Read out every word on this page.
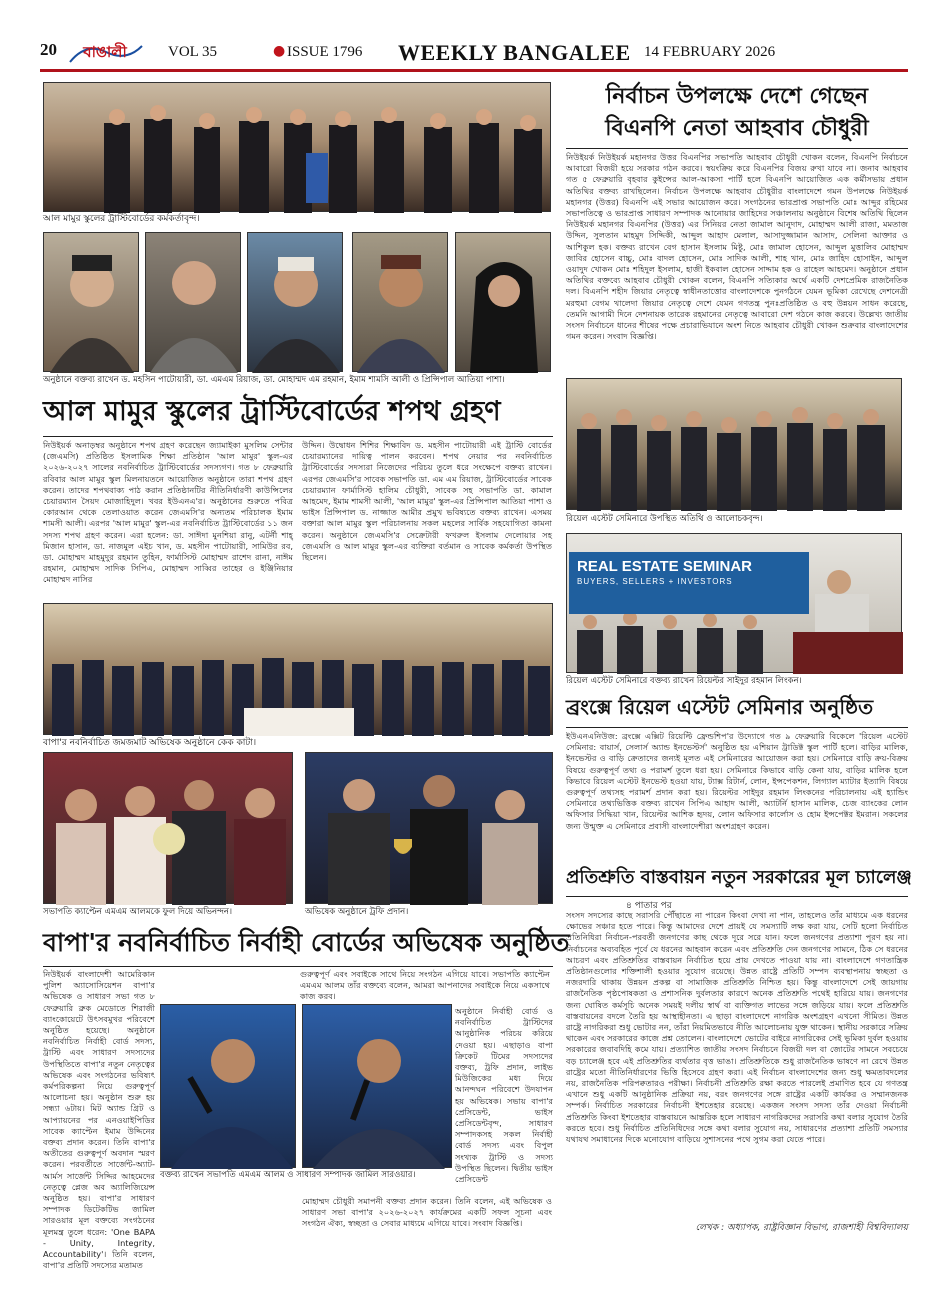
20 বাঙালী	VOL 35	● ISSUE 1796 WEEKLY BANGALEE 14 FEBRUARY 2026
আল মামুর স্কুলের ট্রাস্টিবোর্ডের কর্মকর্তাবৃন্দ।
অনুষ্ঠানে বক্তব্য রাখেন ড. মহসিন পাটোয়ারী, ডা. এমএম রিয়াজ, ডা. মোহাম্মদ এম রহমান, ইমাম শামসি আলী ও প্রিন্সিপাল আতিয়া পাশা।
আল মামুর স্কুলের ট্রাস্টিবোর্ডের শপথ গ্রহণ
নিউইয়র্ক অনাড়ম্বর অনুষ্ঠানে শপথ গ্রহণ করেছেন জ্যামাইকা মুসলিম সেন্টার (জেএমসি) প্রতিষ্ঠিত ইসলামিক শিক্ষা প্রতিষ্ঠান 'আল মামুর' স্কুল-এর ২০২৬-২০২৭ সালের নবনির্বাচিত ট্রাস্টিবোর্ডের সদস্যগণ। গত ৮ ফেব্রুয়ারি রবিবার আল মামুর স্কুল মিলনায়তনে আয়োজিত অনুষ্ঠানে তারা শপথ গ্রহণ করেন। তাদের শপথবাক্য পাঠ করান প্রতিষ্ঠানটির নীতিনির্ধারণী কাউন্সিলের চেয়ারম্যান সৈয়দ মোজাহিদুল। খবর ইউএনএ'র। অনুষ্ঠানের শুরুতে পবিত্র কোরআন থেকে তেলাওয়াত করেন জেএমসি'র অন্যতম পরিচালক ইমাম শামসী আলী। এরপর 'আল মামুর' স্কুল-এর নবনির্বাচিত ট্রাস্টিবোর্ডের ১১ জন সদস্য শপথ গ্রহণ করেন। এরা হলেন: ডা. সাঈদা মুনশিয়া রানু, এটর্নী শাহ্‌ মিজান হাসান, ডা. নাজমুল এইচ খান, ড. মহসীন পাটোয়ারী, সামিউর রব, ডা. মোহাম্মদ মাহমুদুর রহমান তুহিন, ফার্মাসিস্ট মোহাম্মদ রাশেদ রানা, নাঈম রহমান, মোহাম্মদ সাদিক সিপিএ, মোহাম্মদ সাব্বির তাহের ও ইঞ্জিনিয়ার মোহাম্মদ নাসির
উদ্দিন। উদ্বোধন শিশির শিক্ষাবিদ ড. মহসীন পাটোয়ারী এই ট্রাস্টি বোর্ডের চেয়ারম্যানের দায়িত্ব পালন করবেন। শপথ নেয়ার পর নবনির্বাচিত ট্রাস্টিবোর্ডের সদস্যরা নিজেদের পরিচয় তুলে ধরে সংক্ষেপে বক্তব্য রাখেন। এরপর জেএমসি'র সাবেক সভাপতি ডা. এম এম রিয়াজ, ট্রাস্টিবোর্ডের সাবেক চেয়ারম্যান ফার্মাসিস্ট হালিম চৌধুরী, সাবেক সহ সভাপতি ডা. কামাল আহমেদ, ইমাম শামসী আলী, 'আল মামুর' স্কুল-এর প্রিন্সিপাল আতিয়া পাশা ও ভাইস প্রিন্সিপাল ড. নাজ্জাত আমীর প্রমুখ ভবিষ্যতে বক্তব্য রাখেন। এসময় বক্তারা আল মামুর স্কুল পরিচালনায় সকল মহলের সার্বিক সহযোগিতা কামনা করেন। অনুষ্ঠানে জেএমসি'র সেক্রেটারী ফখরুল ইসলাম দেলোয়ার সহ জেএমসি ও আল মামুর স্কুল-এর ব্যক্তিরা বর্তমান ও সাবেক কর্মকর্তা উপস্থিত ছিলেন।
নির্বাচন উপলক্ষে দেশে গেছেন
বিএনপি নেতা আহবাব চৌধুরী
নিউইয়র্ক নিউইয়র্ক মহানগর উত্তর বিএনপির সভাপতি আহবাব চৌধুরী খোকন বলেন, বিএনপি নির্বাচনে আবারো বিজয়ী হয়ে সরকার গঠন করবে। স্বয়ংক্রিয় করে বিএনপির বিজয় রুখা যাবে না। জনাব আহবাব গত ৫ ফেব্রুয়ারি বৃহবার কুইন্সের আল-আকসা পার্টি হলে বিএনপি আয়োজিত এক কর্মীসভায় প্রধান অতিথির বক্তব্য রাখছিলেন। নির্বাচন উপলক্ষে আহবাব চৌধুরীর বাংলাদেশে গমন উপলক্ষে নিউইয়র্ক মহানগর (উত্তর) বিএনপি এই সভার আয়োজন করে। সংগঠনের ভারপ্রাপ্ত সভাপতি মোঃ আব্দুর রহিমের সভাপতিত্বে ও ভারপ্রাপ্ত সাধারণ সম্পাদক আনোয়ার জাহিদের সঞ্চালনায় অনুষ্ঠানে বিশেষ অতিথি ছিলেন নিউইয়র্ক মহানগর বিএনপির (উত্তর) এর সিনিয়র নেতা জামাল আনুদাদ, মোহাম্মদ আলী রাজা, মমতাজ উদ্দিন, সুলতান মাহমুদ সিদ্দিকী, আব্দুল আহাদ মেলাল, আসাদুজ্জামান আসাদ, সেলিনা আক্তার ও আশিকুল হক। বক্তব্য রাখেন বেগ হাসান ইসলাম মিষ্টু, মোঃ জামাল হোসেন, আব্দুল মুত্তালিব মোহাম্মদ জাবির হোসেন বাচ্চু, মোঃ বাদল হোসেন, মোঃ সাদিক আলী, শাহ খান, মোঃ জাহিদ হোসাইন, আব্দুল ওয়াদুদ খোকন মোঃ শহিদুল ইসলাম, হাজী ইকবাল হোসেন সাদ্দাম হক ও রাহেল আহমেদ। অনুষ্ঠানে প্রধান অতিথির বক্তব্যে আহবাব চৌধুরী খোকন বলেন, বিএনপি সত্যিকার অর্থে একটি দেশপ্রেমিক রাজনৈতিক দল। বিএনপি শহীদ জিয়ার নেতৃত্বে স্বাধীনতাত্তোর বাংলাদেশকে পুনর্গঠনে যেমন ভূমিকা রেখেছে দেশনেত্রী মরহুমা বেগম খালেদা জিয়ার নেতৃত্বে দেশে যেমন গণতন্ত্র পুনঃপ্রতিষ্ঠিত ও বহু উন্নয়ন সাধন করেছে, তেমনি আগামী দিনে দেশনায়ক তারেক রহমানের নেতৃত্বে আবারো দেশ গঠনে কাজ করবে। উল্লেখ্য জাতীয় সংসদ নির্বাচনে ধানের শীষের পক্ষে প্রচারাভিযানে অংশ নিতে আহবাব চৌধুরী খোকন শুক্রবার বাংলাদেশের গমন করেন। সংবাদ বিজ্ঞপ্তি।
রিয়েল এস্টেট সেমিনারে উপস্থিত অতিথি ও আলোচকবৃন্দ।
REAL ESTATE SEMINAR
BUYERS, SELLERS + INVESTORS
রিয়েল এস্টেট সেমিনারে বক্তব্য রাখেন রিয়েল্টর সাইদুর রহমান লিংকন।
ব্রংক্সে রিয়েল এস্টেট সেমিনার অনুষ্ঠিত
ইউএনএনিউজ: ব্রংক্সে এক্সিট রিয়েল্টি ফ্রেন্ডশিপ'র উদ্যোগে গত ৯ ফেব্রুয়ারি বিকেলে 'রিয়েল এস্টেট সেমিনার: বায়ার্স, সেলার্স অ্যান্ড ইনভেস্টর্স' অনুষ্ঠিত হয় এশিয়ান ট্রাডিক্ট স্কুল পার্টি হলে। বাড়ির মালিক, ইনভেস্টর ও বাড়ি ক্রেতাদের জন্যই মূলত এই সেমিনারের আয়োজন করা হয়। সেমিনারে বাড়ি ক্রয়-বিক্রয় বিষয়ে গুরুত্বপূর্ণ তথ্য ও পরামর্শ তুলে ধরা হয়। সেমিনারে কিভাবে বাড়ি কেনা যায়, বাড়ির মালিক হলে কিভাবে রিয়েল এস্টেট ইনভেস্ট হওয়া যায়, ট্যাক্স রিটার্ন, লোন, ইন্সপেকশন, লিগ্যাল ম্যাটার ইত্যাদি বিষয়ে গুরুত্বপূর্ণ তথ্যসহ পরামর্শ প্রদান করা হয়। রিয়েল্টর সাইদুর রহমান লিংকনের পরিচালনায় এই হ্যান্ডিং সেমিনারে তথ্যভিত্তিক বক্তব্য রাখেন সিপিএ আহাদ আলী, অ্যাটর্নি হাসান মালিক, চেজ ব্যাংকের লোন অফিসার সিদ্ধিয়া খান, রিয়েল্টর আশিক হৃদয়, লোন অফিসার কার্লোস ও হোম ইন্সপেক্টর ইমরান। সকলের জন্য উন্মুক্ত এ সেমিনারে প্রবাসী বাংলাদেশীরা অংশগ্রহণ করেন।
বাপা'র নবনির্বাচিত জমজমাট অভিষেক অনুষ্ঠানে কেক কাটা।
সভাপতি ক্যাপ্টেন এমএম আলমকে ফুল দিয়ে অভিনন্দন।	অভিষেক অনুষ্ঠানে ট্রফি প্রদান।
বাপা'র নবনির্বাচিত নির্বাহী বোর্ডের অভিষেক অনুষ্ঠিত
নিউইয়র্ক বাংলাদেশী আমেরিকান পুলিশ অ্যাসোসিয়েশন বাপা'র অভিষেক ও সাধারণ সভা গত ৮ ফেব্রুয়ারি ব্রুক মেডোতে শিরাজী ব্যাংকোয়েটে উৎসবমুখর পরিবেশে অনুষ্ঠিত হয়েছে। অনুষ্ঠানে নবনির্বাচিত নির্বাহী বোর্ড সদস্য, ট্রাস্টি এবং সাধারণ সদস্যদের উপস্থিতিতে বাপা'র নতুন নেতৃত্বের অভিষেক এবং সংগঠনের ভবিষ্যৎ কর্মপরিকল্পনা নিয়ে গুরুত্বপূর্ণ আলোচনা হয়। অনুষ্ঠান শুরু হয় সন্ধ্যা ৬টায়। মিট অ্যান্ড গ্রিট ও আপ্যায়নের পর এনওয়াইপিডির সাবেক ক্যাপ্টেন ইমাম উদ্দিনের বক্তব্য প্রদান করেন। তিনি বাপা'র অতীতের গুরুত্বপূর্ণ অবদান স্মরণ করেন। পরবর্তীতে সার্জেন্ট-অ্যাট-আর্মস সার্জেন্ট সিদ্দির আহমেদের নেতৃত্বে প্লেজ অব অ্যালিজিয়েন্স অনুষ্ঠিত হয়। বাপা'র সাধারণ সম্পাদক ডিটেকটিভ জামিল সারওয়ার মূল বক্তব্যে সংগঠনের মূলমন্ত্র তুলে ধরেন: 'One BAPA - Unity, Integrity, Accountability'। তিনি বলেন, বাপা'র প্রতিটি সদস্যের মতামত
গুরুত্বপূর্ণ এবং সবাইকে সাথে নিয়ে সংগঠন এগিয়ে যাবে। সভাপতি ক্যাপ্টেন এমএম আলম তাঁর বক্তব্যে বলেন, আমরা আপনাদের সবাইকে নিয়ে একসাথে কাজ করব।
অনুষ্ঠানে নির্বাহী বোর্ড ও নবনির্বাচিত ট্রাস্টিদের আনুষ্ঠানিক পরিচয় করিয়ে দেওয়া হয়। এছাড়াও বাপা ক্রিকেট টিমের সদস্যদের বক্তব্য, ট্রফি প্রদান, লাইভ মিউজিকের মধ্য দিয়ে আনন্দঘন পরিবেশে উদযাপন হয় অভিষেক। সভায় বাপা'র প্রেসিডেন্ট, ভাইস প্রেসিডেন্টবৃন্দ, সাধারণ সম্পাদকসহ সকল নির্বাহী বোর্ড সদস্য এবং বিপুল সংখ্যক ট্রাস্টি ও সদস্য উপস্থিত ছিলেন। দ্বিতীয় ভাইস প্রেসিডেন্ট
বক্তব্য রাখেন সভাপতি এমএম আলম ও সাধারণ সম্পাদক জামিল সারওয়ার।
মোহাম্মদ চৌধুরী সমাপনী বক্তব্য প্রদান করেন। তিনি বলেন, এই অভিষেক ও সাধারণ সভা বাপা'র ২০২৬-২০২৭ কার্যক্রমের একটি সফল সূচনা এবং সংগঠন ঐক্য, স্বচ্ছতা ও সেবার মাধ্যমে এগিয়ে যাবে। সংবাদ বিজ্ঞপ্তি।
প্রতিশ্রুতি বাস্তবায়ন নতুন সরকারের মূল চ্যালেঞ্জ
৪ পাতার পর
সংসদ সদস্যের কাছে সরাসরি পৌঁছাতে না পারেন কিংবা দেখা না পান, তাহলেও তাঁর মাধ্যমে এক ধরনের ক্ষোভের সঞ্চার হতে পারে। কিন্তু আমাদের দেশে প্রায়ই যে সমস্যাটি লক্ষ করা যায়, সেটি হলো নির্বাচিত প্রতিনিধিরা নির্বাচন-পরবর্তী জনগণের কাছ থেকে দূরে সরে যান। ফলে জনগণের প্রত্যাশা পূরণ হয় না। নির্বাচনের অব্যবহিত পূর্বে যে ধরনের আহবান করেন এবং প্রতিশ্রুতি দেন জনগণের সামনে, ঠিক সে ধরনের আচরণ এবং প্রতিশ্রুতির বাস্তবায়ন নির্বাচিত হয়ে প্রায় দেখতে পাওয়া যায় না। বাংলাদেশে গণতান্ত্রিক প্রতিষ্ঠানগুলোর শক্তিশালী হওয়ার সুযোগ রয়েছে। উন্নত রাষ্ট্রে প্রতিটি সম্পদ ব্যবস্থাপনায় স্বচ্ছতা ও নজরদারি থাকায় উন্নয়ন প্রকল্প বা সামাজিক প্রতিশ্রুতি নিশ্চিত হয়। কিন্তু বাংলাদেশে সেই জায়গায় রাজনৈতিক পৃষ্ঠপোষকতা ও প্রশাসনিক দুর্বলতার কারণে অনেক প্রতিশ্রুতি পথেই হারিয়ে যায়। জনগণের জন্য ঘোষিত কর্মসূচি অনেক সময়ই দলীয় স্বার্থ বা ব্যক্তিগত লাভের সঙ্গে জড়িয়ে যায়। ফলে প্রতিশ্রুতি বাস্তবায়নের বদলে তৈরি হয় আস্থাহীনতা। এ ছাড়া বাংলাদেশে নাগরিক অংশগ্রহণ এখনো সীমিত। উন্নত রাষ্ট্রে নাগরিকরা শুধু ভোটার নন, তাঁরা নিয়মিতভাবে নীতি আলোচনায় যুক্ত থাকেন। স্থানীয় সরকারে সক্রিয় থাকেন এবং সরকারের কাজে প্রশ্ন তোলেন। বাংলাদেশে ভোটের বাইরে নাগরিকের সেই ভূমিকা দুর্বল হওয়ায় সরকারের জবাবদিহি কমে যায়। প্রত্যাশিত জাতীয় সংসদ নির্বাচনে বিজয়ী দল বা জোটের সামনে সবচেয়ে বড় চ্যালেঞ্জ হবে এই প্রতিশ্রুতির ব্যর্থতার বৃত্ত ভাঙা। প্রতিশ্রুতিকে শুধু রাজনৈতিক ভাষণে না রেখে উন্নত রাষ্ট্রের মতো নীতিনির্ধারণের ভিত্তি হিসেবে গ্রহণ করা। এই নির্বাচন বাংলাদেশের জন্য শুধু ক্ষমতাবদলের নয়, রাজনৈতিক পরিপক্বতারও পরীক্ষা। নির্বাচনী প্রতিশ্রুতি রক্ষা করতে পারলেই প্রমাণিত হবে যে গণতন্ত্র এখানে শুধু একটি আনুষ্ঠানিক প্রক্রিয়া নয়, বরং জনগণের সঙ্গে রাষ্ট্রের একটি কার্যকর ও সম্মানজনক সম্পর্ক। নির্বাচিত সরকারের নির্বাচনী ইশতেহার রয়েছে। একজন সংসদ সদস্য তাঁর দেওয়া নির্বাচনী প্রতিশ্রুতি কিংবা ইশতেহার বাস্তবায়নে আন্তরিক হলে সাধারণ নাগরিকদের সরাসরি কথা বলার সুযোগ তৈরি করতে হবে। শুধু নির্বাচিত প্রতিনিধিদের সঙ্গে কথা বলার সুযোগ নয়, সাধারণের প্রত্যাশা প্রতিটি সমস্যার যথাযথ সমাধানের দিকে মনোযোগ বাড়িয়ে সুশাসনের পথে সুগম করা যেতে পারে।
লেখক : অধ্যাপক, রাষ্ট্রবিজ্ঞান বিভাগ, রাজশাহী বিশ্ববিদ্যালয়
